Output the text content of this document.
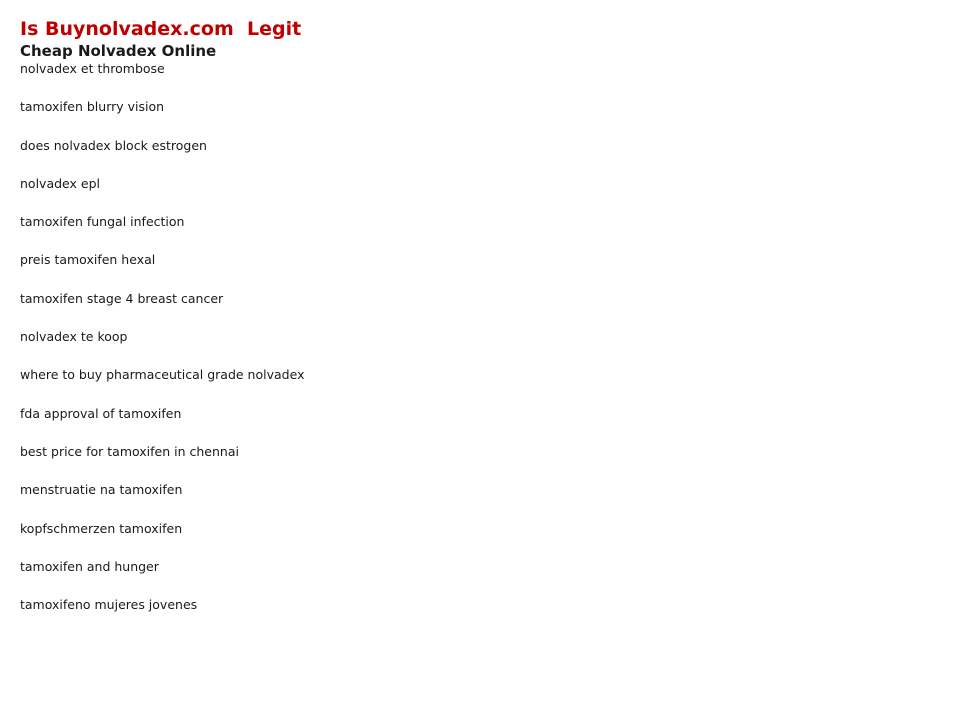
Is Buynolvadex.com  Legit
Cheap Nolvadex Online
nolvadex et thrombose
tamoxifen blurry vision
does nolvadex block estrogen
nolvadex epl
tamoxifen fungal infection
preis tamoxifen hexal
tamoxifen stage 4 breast cancer
nolvadex te koop
where to buy pharmaceutical grade nolvadex
fda approval of tamoxifen
best price for tamoxifen in chennai
menstruatie na tamoxifen
kopfschmerzen tamoxifen
tamoxifen and hunger
tamoxifeno mujeres jovenes
